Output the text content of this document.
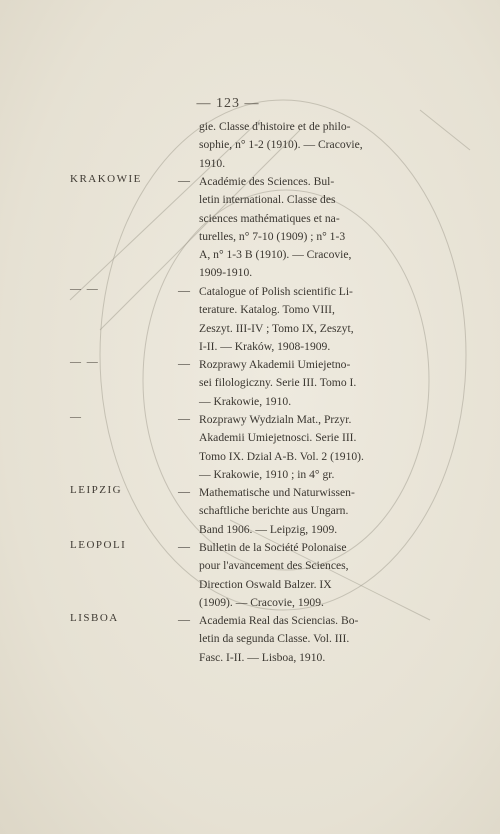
— 123 —
gie. Classe d'histoire et de philo-
sophie, n° 1-2 (1910). — Cracovie,
1910.
KRAKOWIE	— Académie des Sciences. Bul-
letin international. Classe des
sciences mathématiques et na-
turelles, n° 7-10 (1909) ; n° 1-3
A, n° 1-3 B (1910). — Cracovie,
1909-1910.
— —	— Catalogue of Polish scientific Li-
terature. Katalog. Tomo VIII,
Zeszyt. III-IV ; Tomo IX, Zeszyt,
I-II. — Kraków, 1908-1909.
— —	— Rozprawy Akademii Umiejetno-
sei filologiczny. Serie III. Tomo I.
— Krakowie, 1910.
—	— Rozprawy Wydzialn Mat., Przyr.
Akademii Umiejetnosci. Serie III.
Tomo IX. Dzial A-B. Vol. 2 (1910).
— Krakowie, 1910 ; in 4° gr.
LEIPZIG	— Mathematische und Naturwissen-
schaftliche berichte aus Ungarn.
Band 1906. — Leipzig, 1909.
LEOPOLI	— Bulletin de la Société Polonaise
pour l'avancement des Sciences,
Direction Oswald Balzer. IX
(1909). — Cracovie, 1909.
LISBOA	— Academia Real das Sciencias. Bo-
letin da segunda Classe. Vol. III.
Fasc. I-II. — Lisboa, 1910.
